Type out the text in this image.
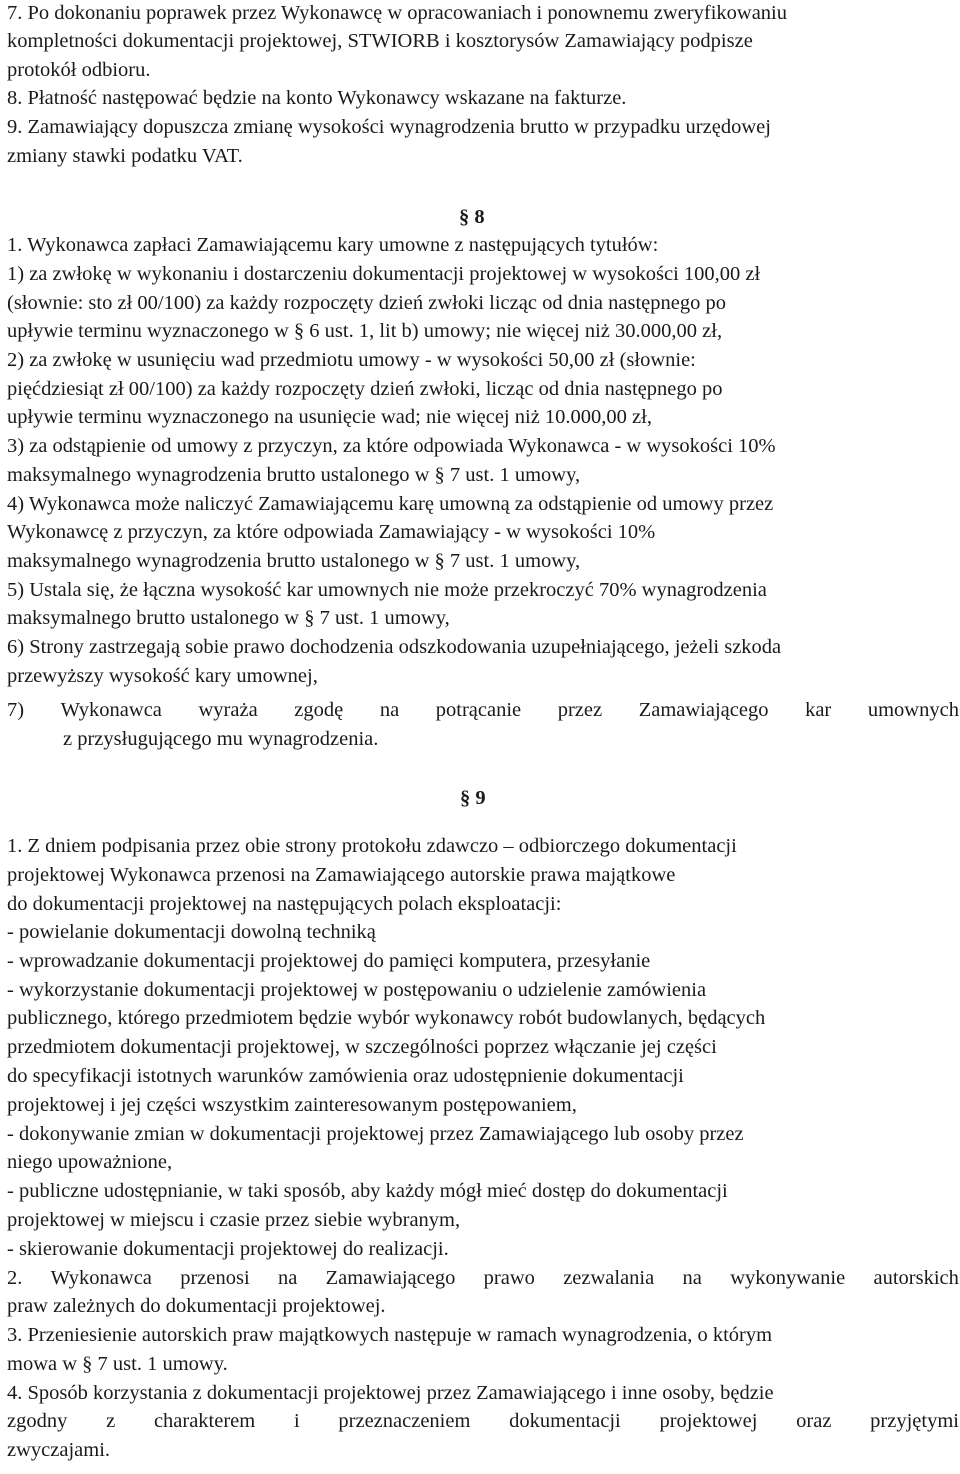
7. Po dokonaniu poprawek przez Wykonawcę w opracowaniach i ponownemu zweryfikowaniu
kompletności dokumentacji projektowej, STWIORB i kosztorysów Zamawiający podpisze
protokół odbioru.
8. Płatność następować będzie na konto Wykonawcy wskazane na fakturze.
9. Zamawiający dopuszcza zmianę wysokości wynagrodzenia brutto w przypadku urzędowej
zmiany stawki podatku VAT.
§ 8
1. Wykonawca zapłaci Zamawiającemu kary umowne z następujących tytułów:
1) za zwłokę w wykonaniu i dostarczeniu dokumentacji projektowej w wysokości 100,00 zł
(słownie: sto zł 00/100) za każdy rozpoczęty dzień zwłoki licząc od dnia następnego po
upływie terminu wyznaczonego w § 6 ust. 1, lit b) umowy; nie więcej niż 30.000,00 zł,
2) za zwłokę w usunięciu wad przedmiotu umowy - w wysokości 50,00 zł (słownie:
pięćdziesiąt zł 00/100) za każdy rozpoczęty dzień zwłoki, licząc od dnia następnego po
upływie terminu wyznaczonego na usunięcie wad; nie więcej niż 10.000,00 zł,
3) za odstąpienie od umowy z przyczyn, za które odpowiada Wykonawca - w wysokości 10%
maksymalnego wynagrodzenia brutto ustalonego w § 7 ust. 1 umowy,
4) Wykonawca może naliczyć Zamawiającemu karę umowną za odstąpienie od umowy przez
Wykonawcę z przyczyn, za które odpowiada Zamawiający - w wysokości 10%
maksymalnego wynagrodzenia brutto ustalonego w § 7 ust. 1 umowy,
5) Ustala się, że łączna wysokość kar umownych nie może przekroczyć 70% wynagrodzenia
maksymalnego brutto ustalonego w § 7 ust. 1 umowy,
6) Strony zastrzegają sobie prawo dochodzenia odszkodowania uzupełniającego, jeżeli szkoda
przewyższy wysokość kary umownej,
7) Wykonawca wyraża zgodę na potrącanie przez Zamawiającego kar umownych
z przysługującego mu wynagrodzenia.
§ 9
1. Z dniem podpisania przez obie strony protokołu zdawczo – odbiorczego dokumentacji
projektowej Wykonawca przenosi na Zamawiającego autorskie prawa majątkowe
do dokumentacji projektowej na następujących polach eksploatacji:
- powielanie dokumentacji dowolną techniką
- wprowadzanie dokumentacji projektowej do pamięci komputera, przesyłanie
- wykorzystanie dokumentacji projektowej w postępowaniu o udzielenie zamówienia
publicznego, którego przedmiotem będzie wybór wykonawcy robót budowlanych, będących
przedmiotem dokumentacji projektowej, w szczególności poprzez włączanie jej części
do specyfikacji istotnych warunków zamówienia oraz udostępnienie dokumentacji
projektowej i jej części wszystkim zainteresowanym postępowaniem,
- dokonywanie zmian w dokumentacji projektowej przez Zamawiającego lub osoby przez
niego upoważnione,
- publiczne udostępnianie, w taki sposób, aby każdy mógł mieć dostęp do dokumentacji
projektowej w miejscu i czasie przez siebie wybranym,
- skierowanie dokumentacji projektowej do realizacji.
2. Wykonawca przenosi na Zamawiającego prawo zezwalania na wykonywanie autorskich
praw zależnych do dokumentacji projektowej.
3. Przeniesienie autorskich praw majątkowych następuje w ramach wynagrodzenia, o którym
mowa w § 7 ust. 1 umowy.
4. Sposób korzystania z dokumentacji projektowej przez Zamawiającego i inne osoby, będzie
zgodny z charakterem i przeznaczeniem dokumentacji projektowej oraz przyjętymi
zwyczajami.
